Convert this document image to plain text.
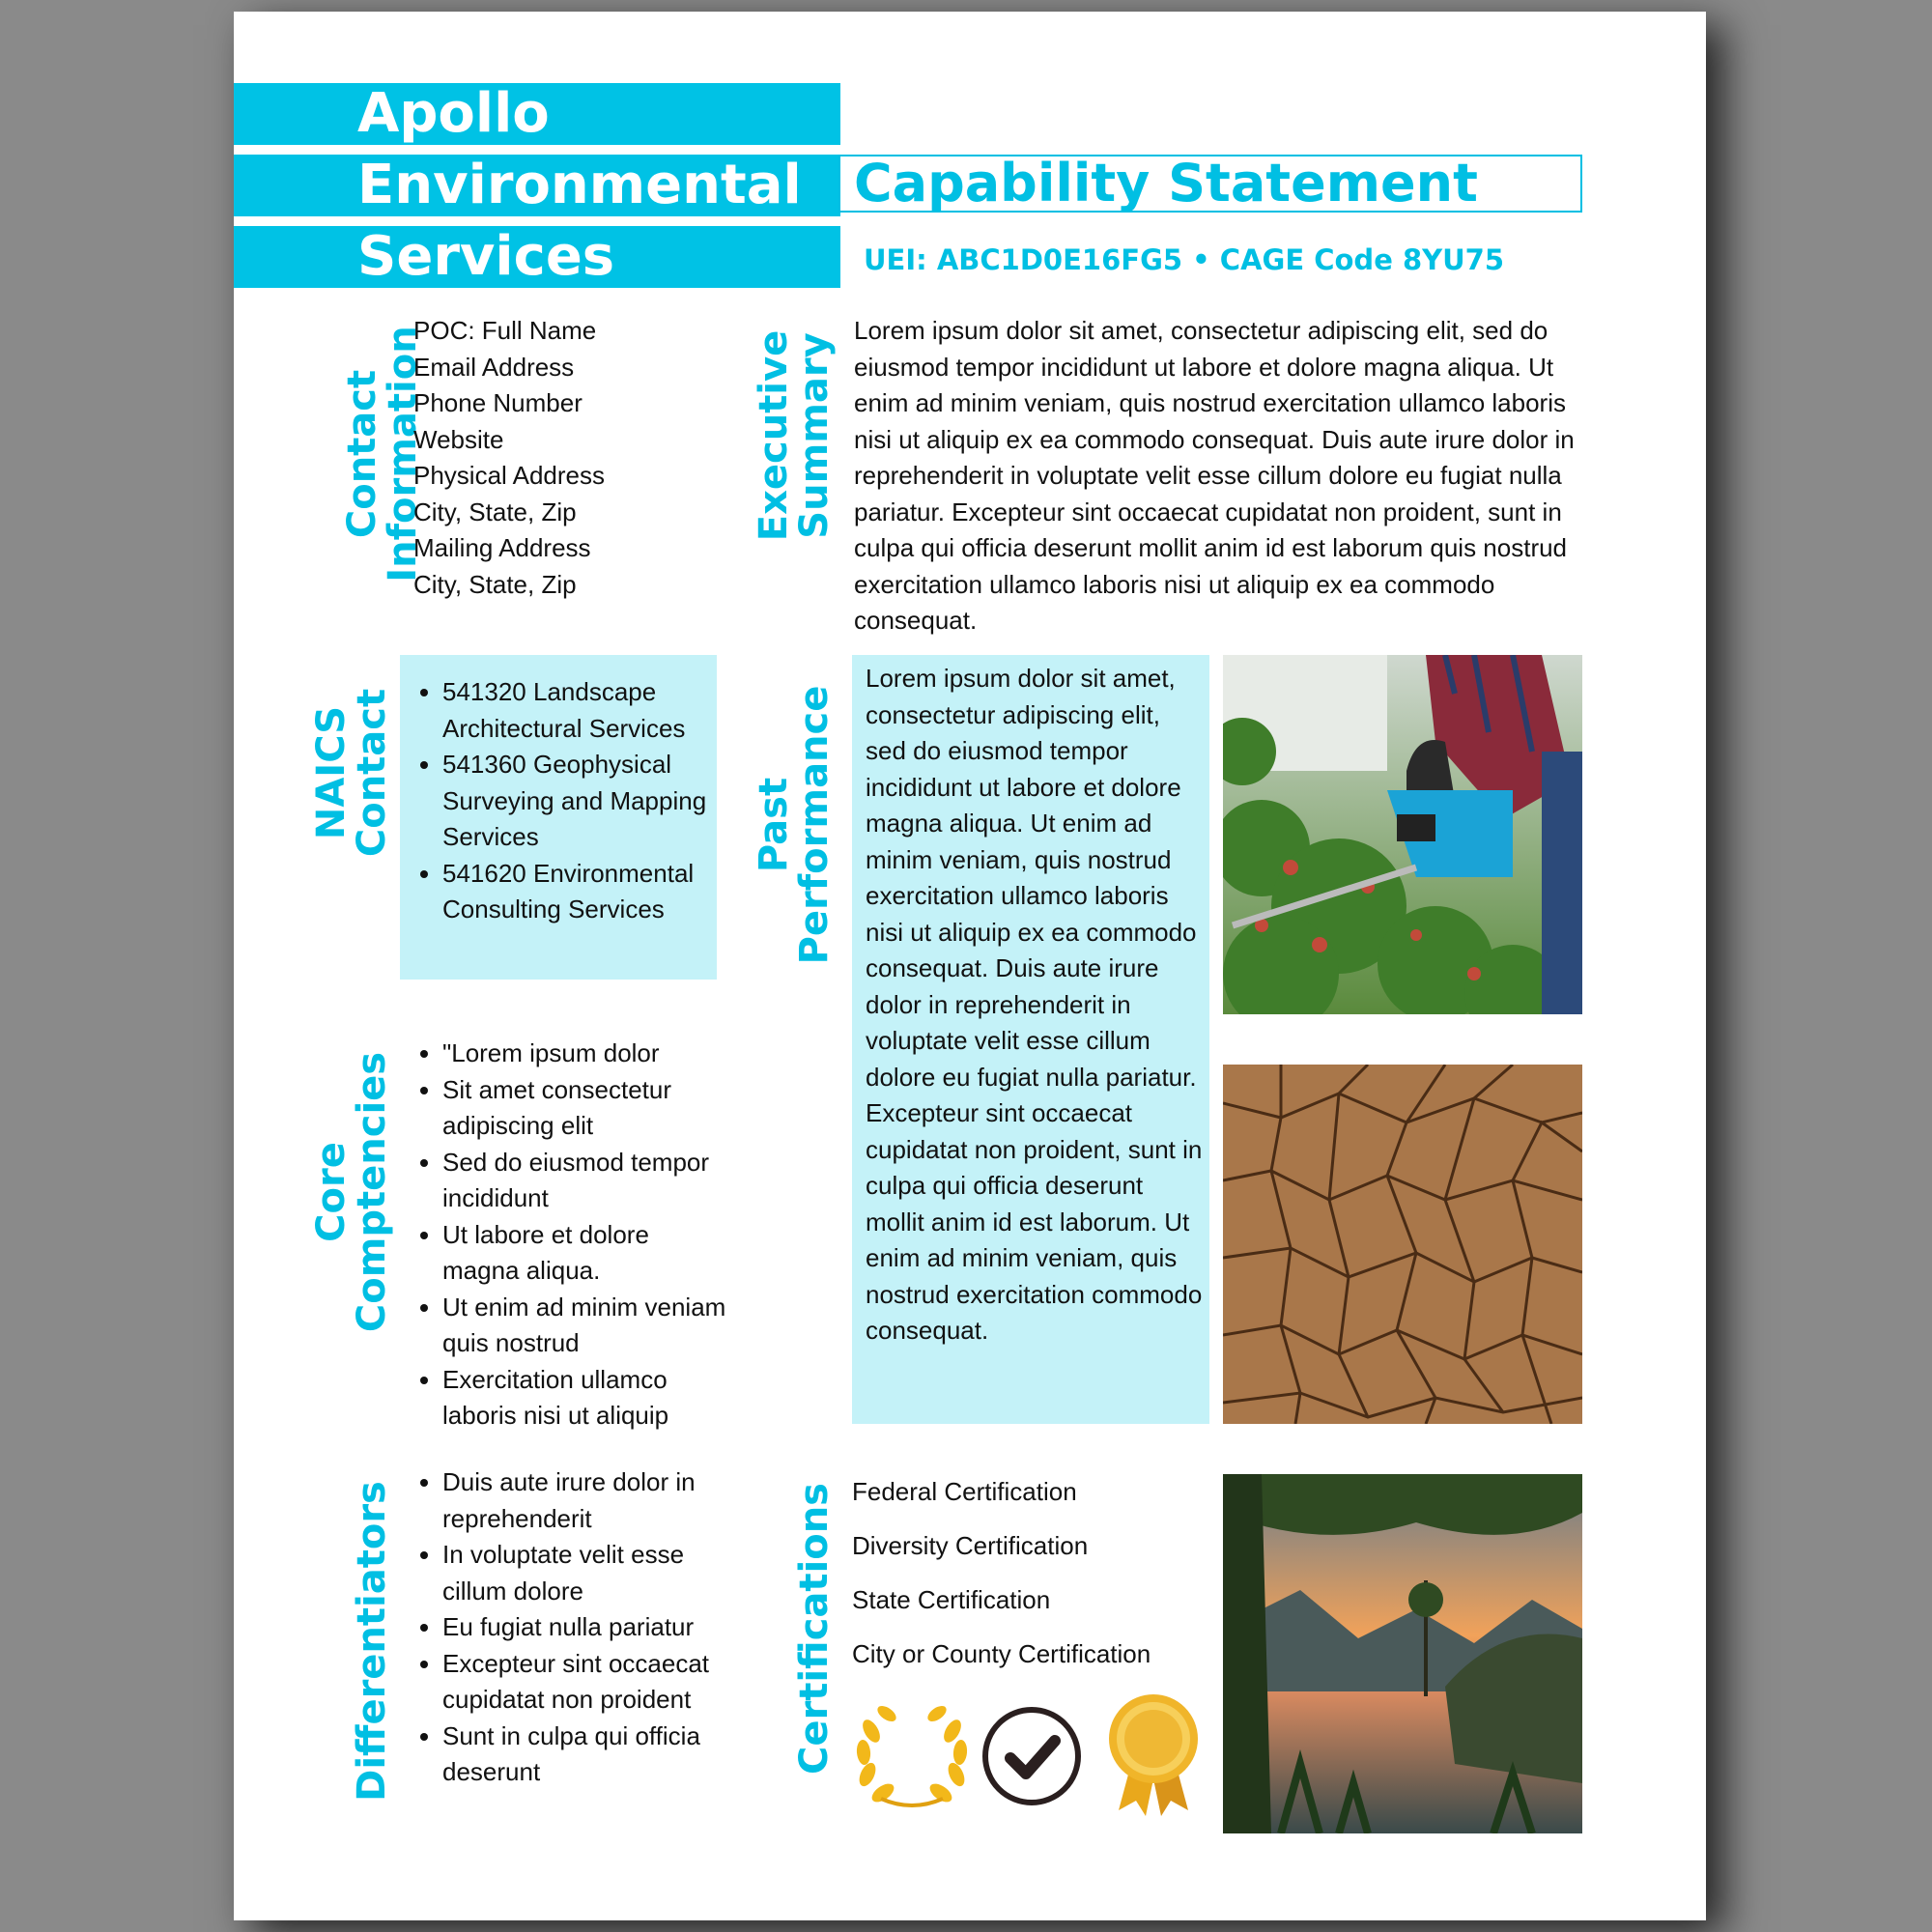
Apollo
Environmental
Services
Capability Statement
UEI: ABC1D0E16FG5 • CAGE Code 8YU75
Contact
Information
POC: Full Name
Email Address
Phone Number
Website
Physical Address
City, State, Zip
Mailing Address
City, State, Zip
Executive
Summary
Lorem ipsum dolor sit amet, consectetur adipiscing elit, sed do eiusmod tempor incididunt ut labore et dolore magna aliqua. Ut enim ad minim veniam, quis nostrud exercitation ullamco laboris nisi ut aliquip ex ea commodo consequat. Duis aute irure dolor in reprehenderit in voluptate velit esse cillum dolore eu fugiat nulla pariatur. Excepteur sint occaecat cupidatat non proident, sunt in culpa qui officia deserunt mollit anim id est laborum quis nostrud exercitation ullamco laboris nisi ut aliquip ex ea commodo consequat.
NAICS
Contact • 541320 Landscape Architectural Services
• 541360 Geophysical Surveying and Mapping Services
• 541620 Environmental Consulting Services
Past
Performance
Lorem ipsum dolor sit amet, consectetur adipiscing elit, sed do eiusmod tempor incididunt ut labore et dolore magna aliqua. Ut enim ad minim veniam, quis nostrud exercitation ullamco laboris nisi ut aliquip ex ea commodo consequat. Duis aute irure dolor in reprehenderit in voluptate velit esse cillum dolore eu fugiat nulla pariatur. Excepteur sint occaecat cupidatat non proident, sunt in culpa qui officia deserunt mollit anim id est laborum. Ut enim ad minim veniam, quis nostrud exercitation commodo consequat.
Core
Comptencies • "Lorem ipsum dolor
• Sit amet consectetur adipiscing elit
• Sed do eiusmod tempor incididunt
• Ut labore et dolore magna aliqua.
• Ut enim ad minim veniam quis nostrud
• Exercitation ullamco laboris nisi ut aliquip
Differentiators • Duis aute irure dolor in reprehenderit
• In voluptate velit esse cillum dolore
• Eu fugiat nulla pariatur
• Excepteur sint occaecat cupidatat non proident
• Sunt in culpa qui officia deserunt	Certifications Federal Certification
Diversity Certification
State Certification
City or County Certification
